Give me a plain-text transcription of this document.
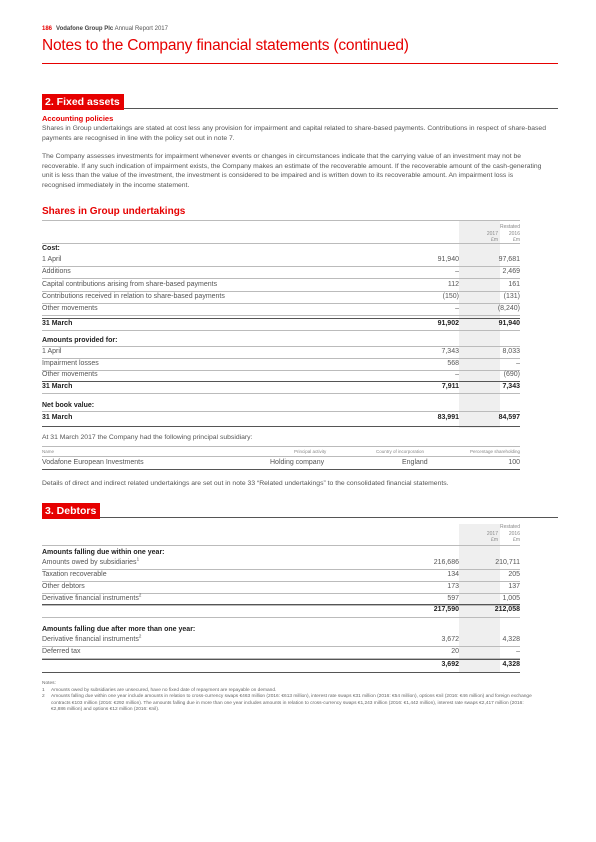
186 Vodafone Group Plc Annual Report 2017
Notes to the Company financial statements (continued)
2. Fixed assets
Accounting policies

Shares in Group undertakings are stated at cost less any provision for impairment and capital related to share-based payments. Contributions in respect of share-based payments are recognised in line with the policy set out in note 7.

The Company assesses investments for impairment whenever events or changes in circumstances indicate that the carrying value of an investment may not be recoverable. If any such indication of impairment exists, the Company makes an estimate of the recoverable amount. If the recoverable amount of the cash-generating unit is less than the value of the investment, the investment is considered to be impaired and is written down to its recoverable amount. An impairment loss is recognised immediately in the income statement.

Shares in Group undertakings

2017
£m
Restated
2016
£m
Cost:
1 April	91,940	97,681
Additions	–	2,469
Capital contributions arising from share-based payments	112	161
Contributions received in relation to share-based payments	(150)	(131)
Other movements	–	(8,240)
31 March	91,902	91,940
Amounts provided for:
1 April	7,343	8,033
Impairment losses	568	–
Other movements	–	(690)
31 March	7,911	7,343
Net book value:
31 March	83,991	84,597

At 31 March 2017 the Company had the following principal subsidiary:

Name	Principal activity	Country of incorporation	Percentage shareholding
Vodafone European Investments	Holding company	England	100

Details of direct and indirect related undertakings are set out in note 33 “Related undertakings” to the consolidated financial statements.

3. Debtors

2017
£m
Restated
2016
£m
Amounts falling due within one year:
Amounts owed by subsidiaries$^1$	216,686	210,711
Taxation recoverable	134	205
Other debtors	173	137
Derivative financial instruments$^2$	597	1,005
217,590	212,058
Amounts falling due after more than one year:
Derivative financial instruments$^2$	3,672	4,328
Deferred tax	20	–
3,692	4,328
Notes:
1 Amounts owed by subsidiaries are unsecured, have no fixed date of repayment are repayable on demand.
2 Amounts falling due within one year include amounts in relation to cross-currency swaps €463 million (2016: €613 million), interest rate swaps €31 million (2016: €54 million), options €nil (2016: €46 million) and foreign exchange contracts €103 million (2016: €292 million). The amounts falling due in more than one year includes amounts in relation to cross-currency swaps €1,243 million (2016: €1,442 million), interest rate swaps €2,417 million (2016: €2,886 million) and options €12 million (2016: €nil).
